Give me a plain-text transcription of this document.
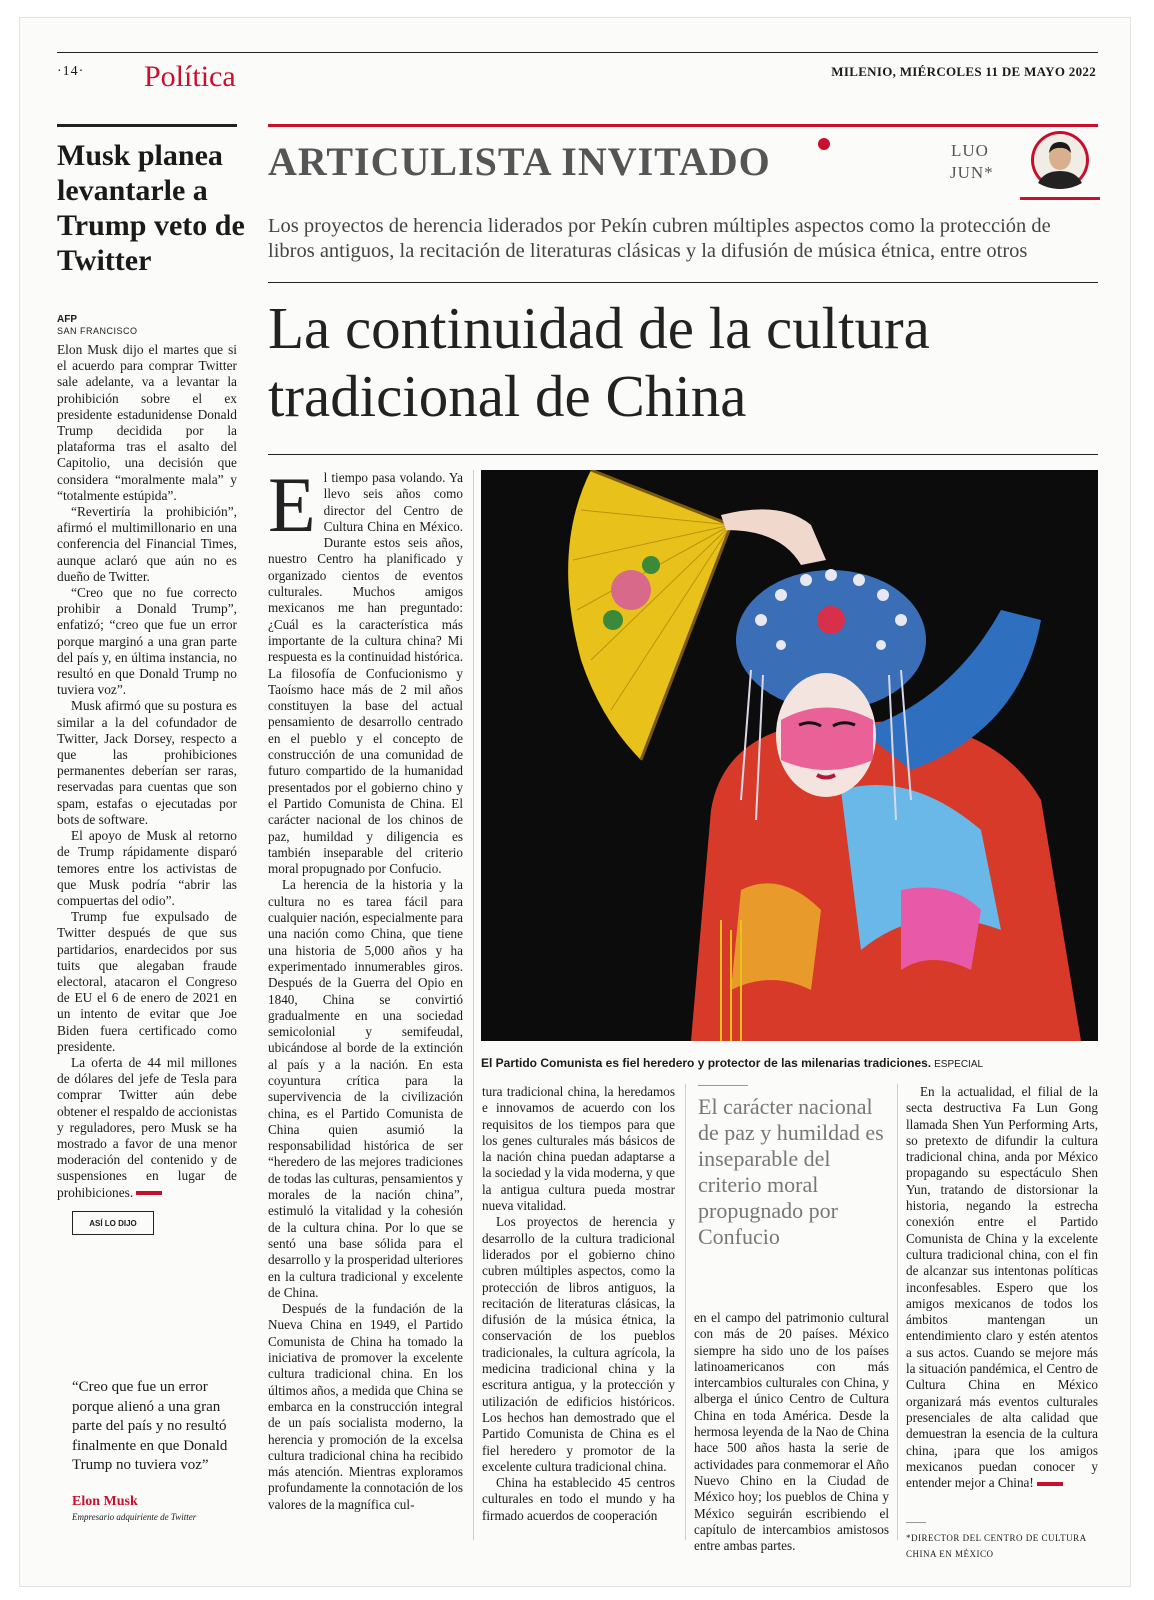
·14· Política	MILENIO, MIÉRCOLES 11 DE MAYO 2022
Musk planea levantarle a Trump veto de Twitter
AFP
SAN FRANCISCO

Elon Musk dijo el martes que si el acuerdo para comprar Twitter sale adelante, va a levantar la prohibición sobre el ex presidente estadunidense Donald Trump decidida por la plataforma tras el asalto del Capitolio, una decisión que considera “moralmente mala” y “totalmente estúpida”.

“Revertiría la prohibición”, afirmó el multimillonario en una conferencia del Financial Times, aunque aclaró que aún no es dueño de Twitter.

“Creo que no fue correcto prohibir a Donald Trump”, enfatizó; “creo que fue un error porque marginó a una gran parte del país y, en última instancia, no resultó en que Donald Trump no tuviera voz”.

Musk afirmó que su postura es similar a la del cofundador de Twitter, Jack Dorsey, respecto a que las prohibiciones permanentes deberían ser raras, reservadas para cuentas que son spam, estafas o ejecutadas por bots de software.

El apoyo de Musk al retorno de Trump rápidamente disparó temores entre los activistas de que Musk podría “abrir las compuertas del odio”.

Trump fue expulsado de Twitter después de que sus partidarios, enardecidos por sus tuits que alegaban fraude electoral, atacaron el Congreso de EU el 6 de enero de 2021 en un intento de evitar que Joe Biden fuera certificado como presidente.

La oferta de 44 mil millones de dólares del jefe de Tesla para comprar Twitter aún debe obtener el respaldo de accionistas y reguladores, pero Musk se ha mostrado a favor de una menor moderación del contenido y de suspensiones en lugar de prohibiciones.

ASÍ LO DIJO
“Creo que fue un error porque alienó a una gran parte del país y no resultó finalmente en que Donald Trump no tuviera voz”
Elon Musk
Empresario adquiriente de Twitter
ARTICULISTA INVITADO	LUO
JUN*
Los proyectos de herencia liderados por Pekín cubren múltiples aspectos como la protección de libros antiguos, la recitación de literaturas clásicas y la difusión de música étnica, entre otros
La continuidad de la cultura tradicional de China

El tiempo pasa volando. Ya llevo seis años como director del Centro de Cultura China en México. Durante estos seis años, nuestro Centro ha planificado y organizado cientos de eventos culturales. Muchos amigos mexicanos me han preguntado: ¿Cuál es la característica más importante de la cultura china? Mi respuesta es la continuidad histórica. La filosofía de Confucionismo y Taoísmo hace más de 2 mil años constituyen la base del actual pensamiento de desarrollo centrado en el pueblo y el concepto de construcción de una comunidad de futuro compartido de la humanidad presentados por el gobierno chino y el Partido Comunista de China. El carácter nacional de los chinos de paz, humildad y diligencia es también inseparable del criterio moral propugnado por Confucio.

La herencia de la historia y la cultura no es tarea fácil para cualquier nación, especialmente para una nación como China, que tiene una historia de 5,000 años y ha experimentado innumerables giros. Después de la Guerra del Opio en 1840, China se convirtió gradualmente en una sociedad semicolonial y semifeudal, ubicándose al borde de la extinción al país y a la nación. En esta coyuntura crítica para la supervivencia de la civilización china, es el Partido Comunista de China quien asumió la responsabilidad histórica de ser “heredero de las mejores tradiciones de todas las culturas, pensamientos y morales de la nación china”, estimuló la vitalidad y la cohesión de la cultura china. Por lo que se sentó una base sólida para el desarrollo y la prosperidad ulteriores en la cultura tradicional y excelente de China.

Después de la fundación de la Nueva China en 1949, el Partido Comunista de China ha tomado la iniciativa de promover la excelente cultura tradicional china. En los últimos años, a medida que China se embarca en la construcción integral de un país socialista moderno, la herencia y promoción de la excelsa cultura tradicional china ha recibido más atención. Mientras exploramos profundamente la connotación de los valores de la magnífica cul-

El Partido Comunista es fiel heredero y protector de las milenarias tradiciones. ESPECIAL

tura tradicional china, la heredamos e innovamos de acuerdo con los requisitos de los tiempos para que los genes culturales más básicos de la nación china puedan adaptarse a la sociedad y la vida moderna, y que la antigua cultura pueda mostrar nueva vitalidad.

Los proyectos de herencia y desarrollo de la cultura tradicional liderados por el gobierno chino cubren múltiples aspectos, como la protección de libros antiguos, la recitación de literaturas clásicas, la difusión de la música étnica, la conservación de los pueblos tradicionales, la cultura agrícola, la medicina tradicional china y la escritura antigua, y la protección y utilización de edificios históricos. Los hechos han demostrado que el Partido Comunista de China es el fiel heredero y promotor de la excelente cultura tradicional china.

China ha establecido 45 centros culturales en todo el mundo y ha firmado acuerdos de cooperación

El carácter nacional de paz y humildad es inseparable del criterio moral propugnado por Confucio

en el campo del patrimonio cultural con más de 20 países. México siempre ha sido uno de los países latinoamericanos con más intercambios culturales con China, y alberga el único Centro de Cultura China en toda América. Desde la hermosa leyenda de la Nao de China hace 500 años hasta la serie de actividades para conmemorar el Año Nuevo Chino en la Ciudad de México hoy; los pueblos de China y México seguirán escribiendo el capítulo de intercambios amistosos entre ambas partes.

En la actualidad, el filial de la secta destructiva Fa Lun Gong llamada Shen Yun Performing Arts, so pretexto de difundir la cultura tradicional china, anda por México propagando su espectáculo Shen Yun, tratando de distorsionar la historia, negando la estrecha conexión entre el Partido Comunista de China y la excelente cultura tradicional china, con el fin de alcanzar sus intentonas políticas inconfesables. Espero que los amigos mexicanos de todos los ámbitos mantengan un entendimiento claro y estén atentos a sus actos. Cuando se mejore más la situación pandémica, el Centro de Cultura China en México organizará más eventos culturales presenciales de alta calidad que demuestran la esencia de la cultura china, ¡para que los amigos mexicanos puedan conocer y entender mejor a China!

*DIRECTOR DEL CENTRO DE CULTURA
CHINA EN MÉXICO
